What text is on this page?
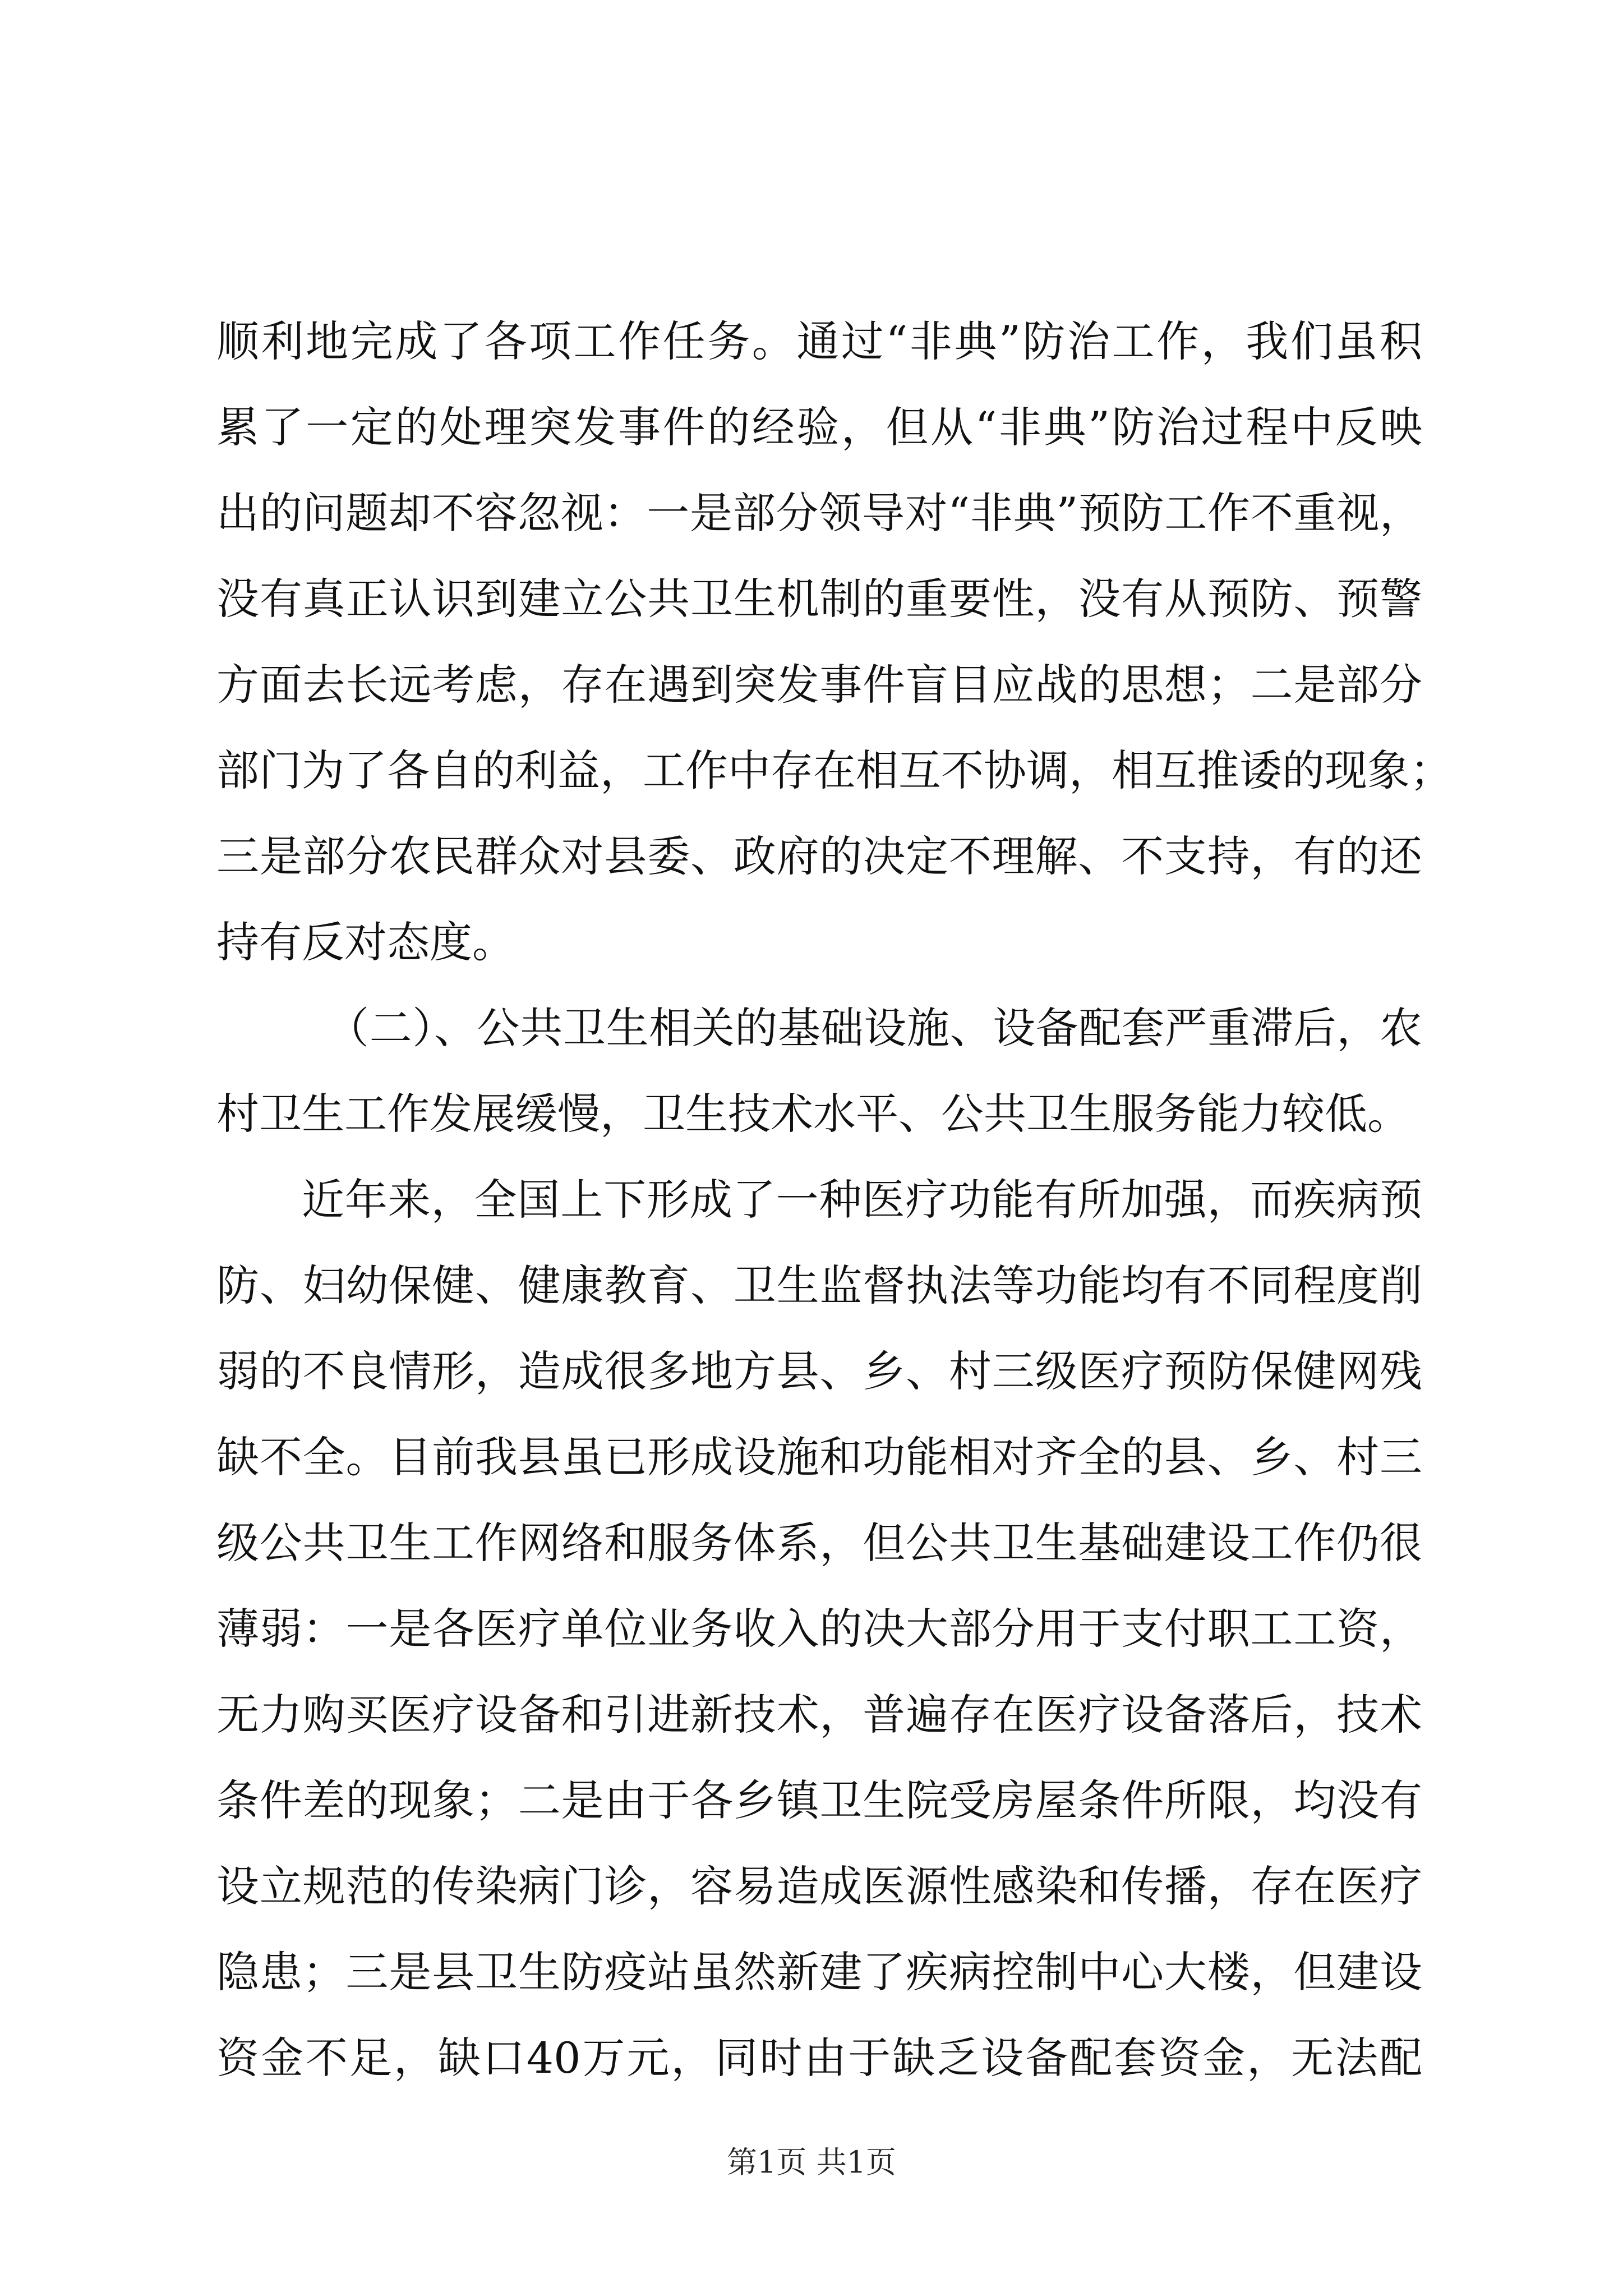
顺利地完成了各项工作任务。通过“非典”防治工作，我们虽积
累了一定的处理突发事件的经验，但从“非典”防治过程中反映
出的问题却不容忽视：一是部分领导对“非典”预防工作不重视，
没有真正认识到建立公共卫生机制的重要性，没有从预防、预警
方面去长远考虑，存在遇到突发事件盲目应战的思想；二是部分
部门为了各自的利益，工作中存在相互不协调，相互推诿的现象；
三是部分农民群众对县委、政府的决定不理解、不支持，有的还
持有反对态度。
（二）、公共卫生相关的基础设施、设备配套严重滞后，农
村卫生工作发展缓慢，卫生技术水平、公共卫生服务能力较低。
近年来，全国上下形成了一种医疗功能有所加强，而疾病预
防、妇幼保健、健康教育、卫生监督执法等功能均有不同程度削
弱的不良情形，造成很多地方县、乡、村三级医疗预防保健网残
缺不全。目前我县虽已形成设施和功能相对齐全的县、乡、村三
级公共卫生工作网络和服务体系，但公共卫生基础建设工作仍很
薄弱：一是各医疗单位业务收入的决大部分用于支付职工工资，
无力购买医疗设备和引进新技术，普遍存在医疗设备落后，技术
条件差的现象；二是由于各乡镇卫生院受房屋条件所限，均没有
设立规范的传染病门诊，容易造成医源性感染和传播，存在医疗
隐患；三是县卫生防疫站虽然新建了疾病控制中心大楼，但建设
资金不足，缺口40万元，同时由于缺乏设备配套资金，无法配
第1页 共1页
